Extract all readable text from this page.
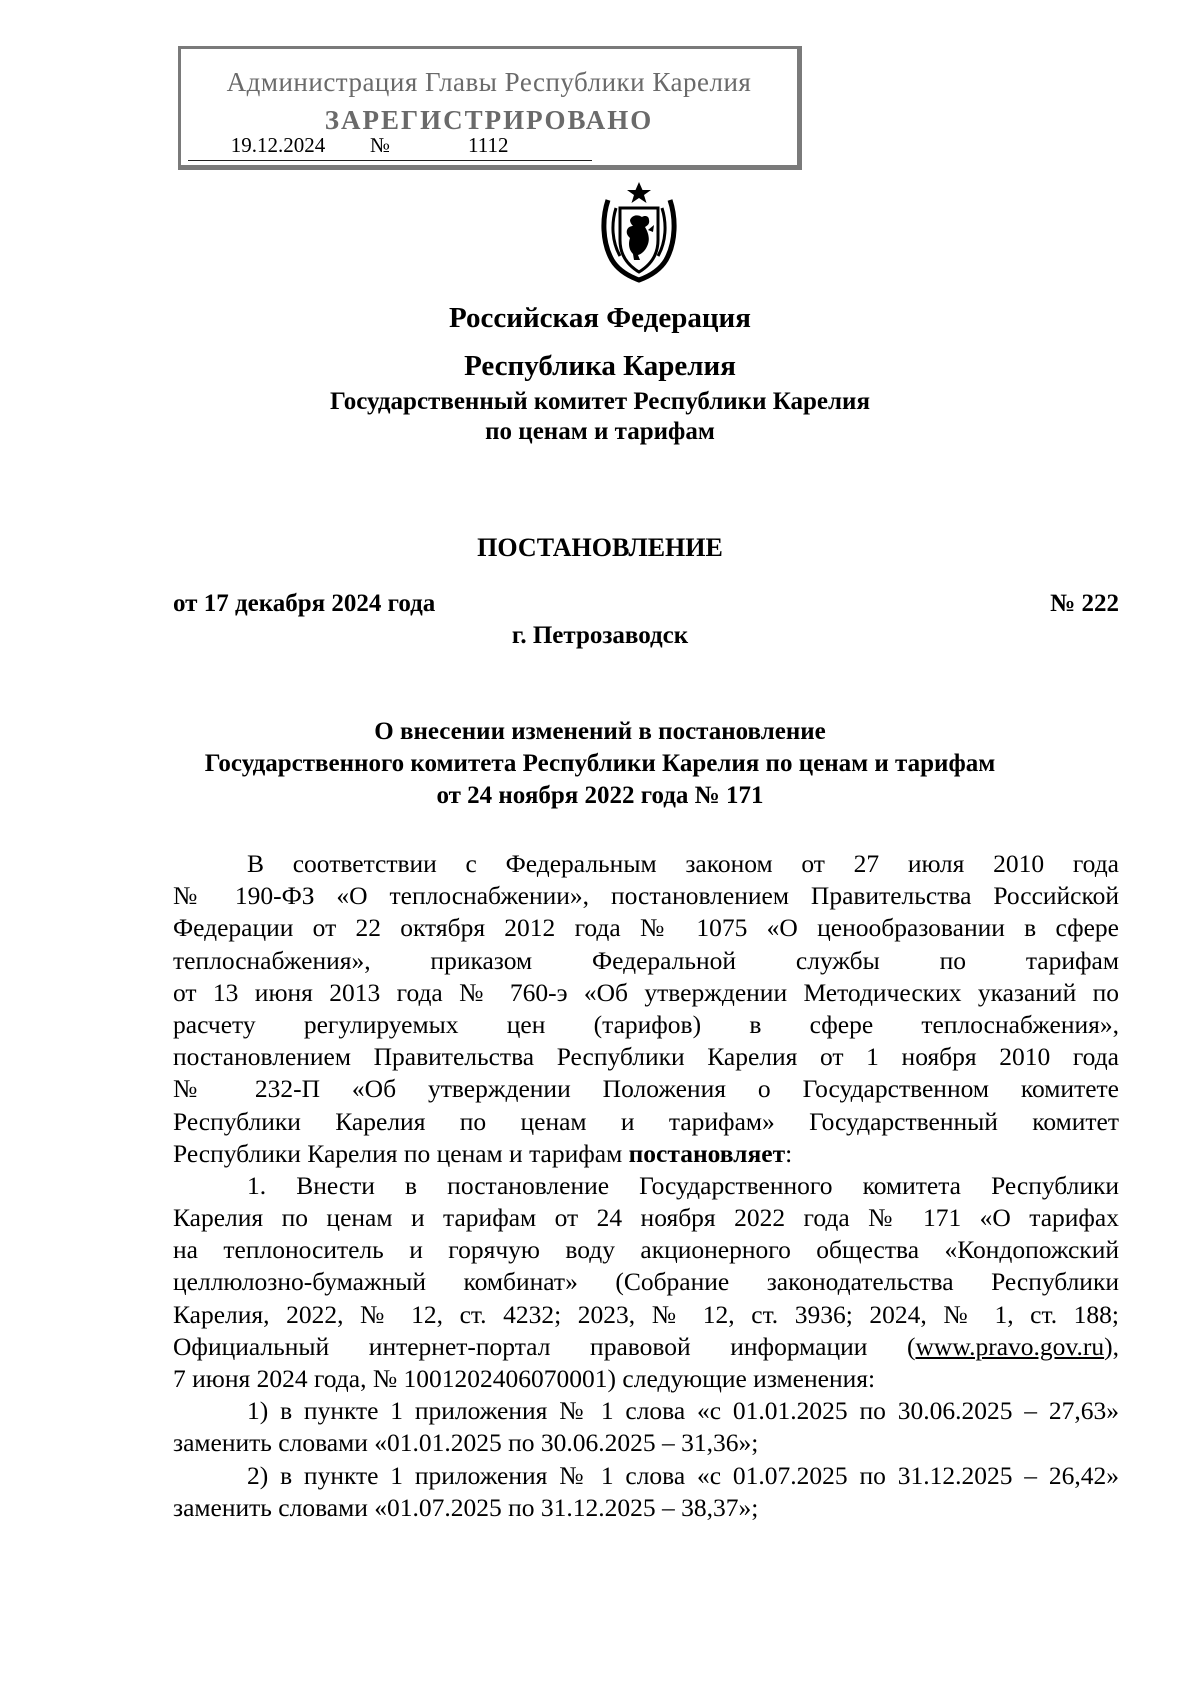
Администрация Главы Республики Карелия
ЗАРЕГИСТРИРОВАНО
19.12.2024	№	1112
Российская Федерация
Республика Карелия
Государственный комитет Республики Карелия
по ценам и тарифам
ПОСТАНОВЛЕНИЕ
от 17 декабря 2024 года	№ 222
г. Петрозаводск
О внесении изменений в постановление
Государственного комитета Республики Карелия по ценам и тарифам
от 24 ноября 2022 года № 171
В соответствии с Федеральным законом от 27 июля 2010 года
№ 190-ФЗ «О теплоснабжении», постановлением Правительства Российской
Федерации от 22 октября 2012 года № 1075 «О ценообразовании в сфере
теплоснабжения», приказом Федеральной службы по тарифам
от 13 июня 2013 года № 760-э «Об утверждении Методических указаний по
расчету регулируемых цен (тарифов) в сфере теплоснабжения»,
постановлением Правительства Республики Карелия от 1 ноября 2010 года
№ 232-П «Об утверждении Положения о Государственном комитете
Республики Карелия по ценам и тарифам» Государственный комитет
Республики Карелия по ценам и тарифам постановляет:
1. Внести в постановление Государственного комитета Республики
Карелия по ценам и тарифам от 24 ноября 2022 года № 171 «О тарифах
на теплоноситель и горячую воду акционерного общества «Кондопожский
целлюлозно-бумажный комбинат» (Собрание законодательства Республики
Карелия, 2022, № 12, ст. 4232; 2023, № 12, ст. 3936; 2024, № 1, ст. 188;
Официальный интернет-портал правовой информации (www.pravo.gov.ru),
7 июня 2024 года, № 1001202406070001) следующие изменения:
1) в пункте 1 приложения № 1 слова «с 01.01.2025 по 30.06.2025 – 27,63»
заменить словами «01.01.2025 по 30.06.2025 – 31,36»;
2) в пункте 1 приложения № 1 слова «с 01.07.2025 по 31.12.2025 – 26,42»
заменить словами «01.07.2025 по 31.12.2025 – 38,37»;
